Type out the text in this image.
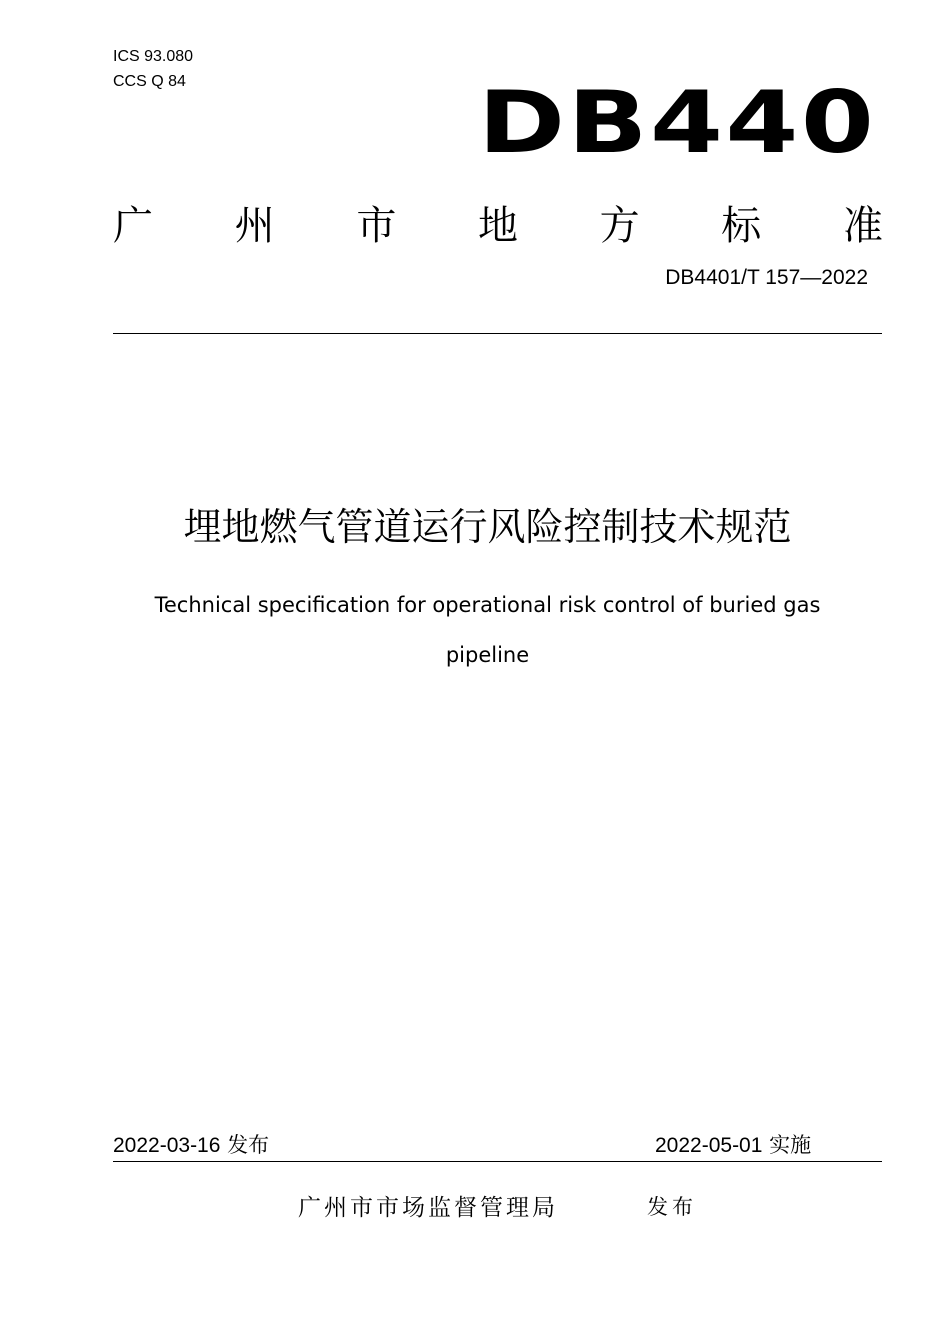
ICS 93.080
CCS Q 84	DB440
广 州 市 地 方 标 准
DB4401/T 157—2022
埋地燃气管道运行风险控制技术规范
Technical specification for operational risk control of buried gas
pipeline
2022-03-16 发布	2022-05-01 实施
广州市市场监督管理局	发布
